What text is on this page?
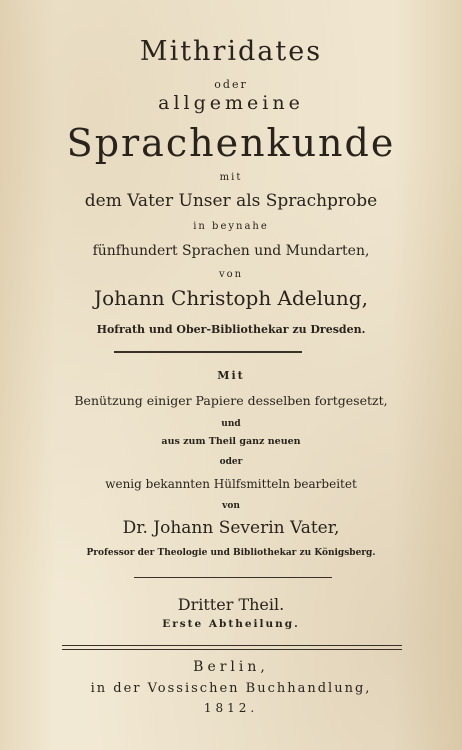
Mithridates
oder
allgemeine
Sprachenkunde
mit
dem Vater Unser als Sprachprobe
in beynahe
fünfhundert Sprachen und Mundarten,
von
Johann Christoph Adelung,
Hofrath und Ober-Bibliothekar zu Dresden.
Mit
Benützung einiger Papiere desselben fortgesetzt,
und
aus zum Theil ganz neuen
oder
wenig bekannten Hülfsmitteln bearbeitet
von
Dr. Johann Severin Vater,
Professor der Theologie und Bibliothekar zu Königsberg.
Dritter Theil.
Erste Abtheilung.
Berlin,
in der Vossischen Buchhandlung,
1812.
